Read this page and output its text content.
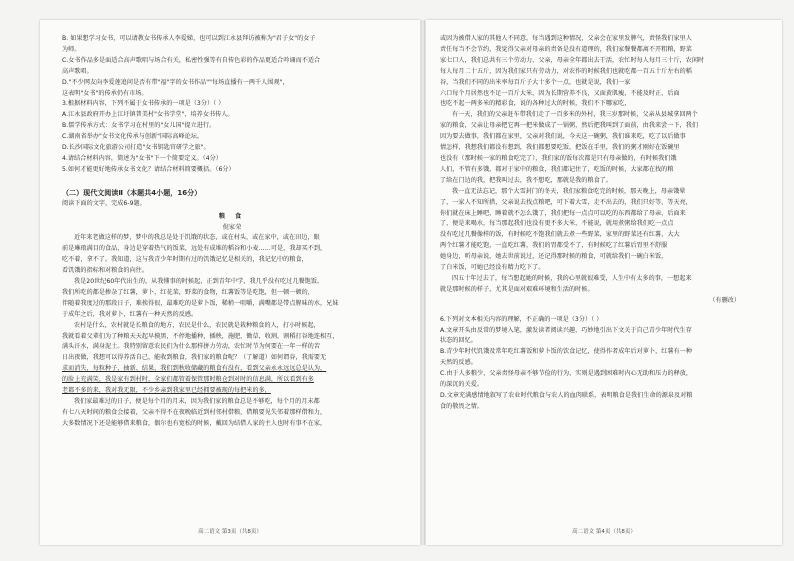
B. 如果想学习女书，可以请教女书传承人李爱娣，也可以到江永县拜访被称为"君子女"的女子

为师。

C.女书作品多是面适合高声歌唱与场合有关，私密性强等有自传色彩的作品更适合吟诵而不适合

高声歌唱。

D."不少网友向李爱莲追问是否有带"福"字的女书作品""每场直播有一两千人围观"，

这表明"女书"的传承仍有市场。

3.根据材料内容，下列不属于女书传承的一项是（3分）（ ）

A.江永县政府开办上江圩镇普美村"女书学堂"，培养女书传人。

B.儒学传承方式：女书学习在村里的"女儿国"提立进行。

C.湖南省举办"女书文化传承与创新"国际高峰论坛。

D.长沙国际文化旅游公司打造"女书钥匙官研学之旅"。

4.请结合材料内容，简述为"女书"下一个简要定义。（4分）

5.如何才能更好地传承女书文化？请结合材料简要概括。（6分）

（二）现代文阅读Ⅱ（本题共4小题，16分）

阅读下面的文字，完成6-9题。

粮 食

倪家荣

近年来老做这样的梦，梦中的我总是处于饥饿的状态，或在村头，或在家中，或在田边，眼

前是琳琅满目的食品，身边是穿着热气的饭菜，远处有成堆的稻谷和小麦……可是，我却买不到，

吃不着，拿不了。我知道，这与我青少年时期有过的饥饿记忆是相关的，我记忆中的粮食，

看饥饿的指标和对粮食的向往。

我是20世纪60年代出生的，从我懂事的时候起，正到青年中学，我几乎没有吃过几餐饱饭。

我们所吃的都是掺杂了红薯，萝卜，红花菜，野菜的食物，红薯饭等是吃饱，但一顿一顿的，

伴随着我度过的那段日子，难挨得很，最难吃的是萝卜饭，稀稍一咀嚼，满嘴都是带点腥味的水，兄妹

于成年之后，我对萝卜，红薯有一种天然的反感。

农村是什么，农村就是长粮食的地方，农民是什么，农民就是栽种粮食的人，打小时候起，

我就看着父辈们为了种粮天天起早摸黑，不停地播种，插秧，施肥，锄草，收割，割稻打谷地连相互，

满头汗水，满身泥土。我特别留意农民们为什么那样拼力劳动，农忙时节为何要在一年一样的苦

日出夜做，我想可以得养活自己，能收到粮食，我们家的粮食呢？（了解道）如何谓谷，我需要无

求而消失，每粒种子，抽新、结果，我们到秋收储藏的粮食有没有，看到父亲永永远远总是认为，

的脸上充满笑，我是家有到村时，全家们都管着保管那时粮仓到对时的信息满，所以看到有多

老都不多的来，我对我无限，不少乡亲到我家里已经拥要被现的每把米的多，

我们家最难过的日子，便是每个月的月末，因为我们家的粮食总是不够吃，每个月的月末都

有七八天时间的粮食会接着，父亲不得不在夜晚临近到村邻村借粮，借粮要见失邻着那样借和力，

大多数情况下还是能够借来粮食，偶尔也有宽松的时候，戴回为结借人家的主人也时有事不在家，

高二语文 第3页（共8页）

或因为被借人家的其他人不同意，每当遇到这种情况，父亲会在家里发脾气，责怪我们家里人

责任每当不会节约，我觉得父亲对母亲的责备是没有道理的，我们家餐餐都离不开粗粮，野菜

家七口人，我们总共有三个劳动力，父亲，母亲全年都出去干活，农忙时每人每月三十斤，农闲时

每人每月二十五斤，因为我们家只有劳动力，对农作的时候我们也就吃都一百五十斤左右的稻

谷，当我们不同的出米率每百斤子大十多个一点，也就是说，我们一家

六口每个月居然也不足一百斤大米，因为长期营养不良，又面黄肌瘦，不能及时正，后面

也吃不起一两多米的精彩食，说的各种过大的时候，我们不下哪家吃，

有一天，我们的父亲赶车带我们走了一百多米的外村，我三岁那时候，父亲从县城拿回两个

家的粮食，父亲让母亲把它再一把米做成了一锅粥，然后把我叫到了面前，由我来尝一下，我们

因为要去做事，我们都在家里，父亲对我们说，今天这一碗粥，我们谁来吃，吃了以后做事

情怎样，我想我们都没有想到，我们都想要吃饭，把饭在手里，我们的粥才刚好在饭碗里

也没有（那时候一家的粮食吃完了），我们家的饭每次都是只有母亲做的，有时候我们饿

人们，不管有多饿，都对于家中的粮食，我们都记住了，吃饭的时候，大家都在找的粮

了给在门边的我，把我叫过去，我不想吃，那就是我的粮食了。

我一直无法忘记，那个大雪封门的冬天，我们家粮食吃完的时候，那天晚上，母亲饿晕

了，一家人不知所措，父亲说去找点粮吧，可下着大雪，走不出去的，我们只好等，等天亮，

你们就在床上睡吧，睡着就不怎么饿了，我们把每一点点可以吃的东西都给了母亲，后面来

了，便是来喝水，每当那起我们也没有更不多大米，不能说，就用煮粥给我们吃一点点

没有吃过几餐像样的饭，有时候吃不饱我们就去煮一些野菜，家里的野菜还有红薯，大大

两个红薯才能吃饱，一直吃红薯，我们的胃都受不了，有时候吃了红薯后胃里不舒服

她身边，听母亲说，她去世前说过，还记得那时候的粮食，可就给我们一碗白米饭，

了白米饭，可她已经没有精力吃下了。

四五十年过去了，每当想起她的时候，我的心里就很难受，人生中有太多的事，一想起来

就是那时候的样子，尤其是面对艰难环境和生活的时候。

（有删改）

6.下列对文本相关内容的理解，不正确的一项是（3分）（ ）

A.文章开头由反常的梦境入笔，激发读者阅读兴趣，巧妙地引出下文关于自己青少年时代生存

状态的回忆。

B.青少年时代饥饿及常年吃红薯饭和萝卜饭的饮食记忆，使得作者成年后对萝卜，红薯有一种

天然的反感。

C.由于人多粮少，父亲责怪母亲不够节俭的行为，实则是遇到困难时内心无助和压力的释放，

的深沉的关爱。

D.文章充满感情地叙写了农业时代粮食与农人的血肉联系，表明粮食是我们生命的源泉及对粮

食的敬畏之情。

高二语文 第4页（共8页）
